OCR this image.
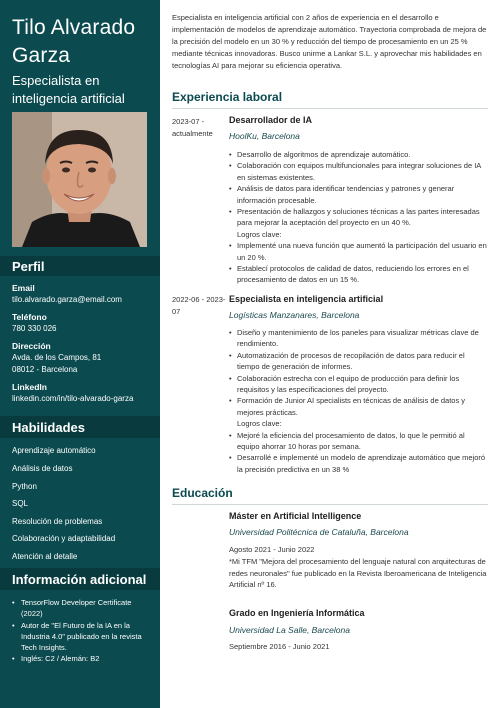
Tilo Alvarado Garza
Especialista en inteligencia artificial
Perfil
Email
tilo.alvarado.garza@email.com
Teléfono
780 330 026
Dirección
Avda. de los Campos, 81
08012 - Barcelona
LinkedIn
linkedin.com/in/tilo-alvarado-garza
Habilidades
Aprendizaje automático
Análisis de datos
Python
SQL
Resolución de problemas
Colaboración y adaptabilidad
Atención al detalle
Información adicional
• TensorFlow Developer Certificate (2022)
• Autor de "El Futuro de la IA en la Industria 4.0" publicado en la revista Tech Insights.
• Inglés: C2 / Alemán: B2

Especialista en inteligencia artificial con 2 años de experiencia en el desarrollo e implementación de modelos de aprendizaje automático. Trayectoria comprobada de mejora de la precisión del modelo en un 30 % y reducción del tiempo de procesamiento en un 25 % mediante técnicas innovadoras. Busco unirme a Lankar S.L. y aprovechar mis habilidades en tecnologías AI para mejorar su eficiencia operativa.

Experiencia laboral
2023-07 - actualmente
Desarrollador de IA
HoolKu, Barcelona
• Desarrollo de algoritmos de aprendizaje automático.
• Colaboración con equipos multifuncionales para integrar soluciones de IA en sistemas existentes.
• Análisis de datos para identificar tendencias y patrones y generar información procesable.
• Presentación de hallazgos y soluciones técnicas a las partes interesadas para mejorar la aceptación del proyecto en un 40 %.
Logros clave:
• Implementé una nueva función que aumentó la participación del usuario en un 20 %.
• Establecí protocolos de calidad de datos, reduciendo los errores en el procesamiento de datos en un 15 %.
2022-06 - 2023-07
Especialista en inteligencia artificial
Logísticas Manzanares, Barcelona
• Diseño y mantenimiento de los paneles para visualizar métricas clave de rendimiento.
• Automatización de procesos de recopilación de datos para reducir el tiempo de generación de informes.
• Colaboración estrecha con el equipo de producción para definir los requisitos y las especificaciones del proyecto.
• Formación de Junior AI specialists en técnicas de análisis de datos y mejores prácticas.
Logros clave:
• Mejoré la eficiencia del procesamiento de datos, lo que le permitió al equipo ahorrar 10 horas por semana.
• Desarrollé e implementé un modelo de aprendizaje automático que mejoró la precisión predictiva en un 38 %
Educación
Máster en Artificial Intelligence
Universidad Politécnica de Cataluña, Barcelona
Agosto 2021 - Junio 2022
*Mi TFM "Mejora del procesamiento del lenguaje natural con arquitecturas de redes neuronales" fue publicado en la Revista Iberoamericana de Inteligencia Artificial nº 16.
Grado en Ingeniería Informática
Universidad La Salle, Barcelona
Septiembre 2016 - Junio 2021
